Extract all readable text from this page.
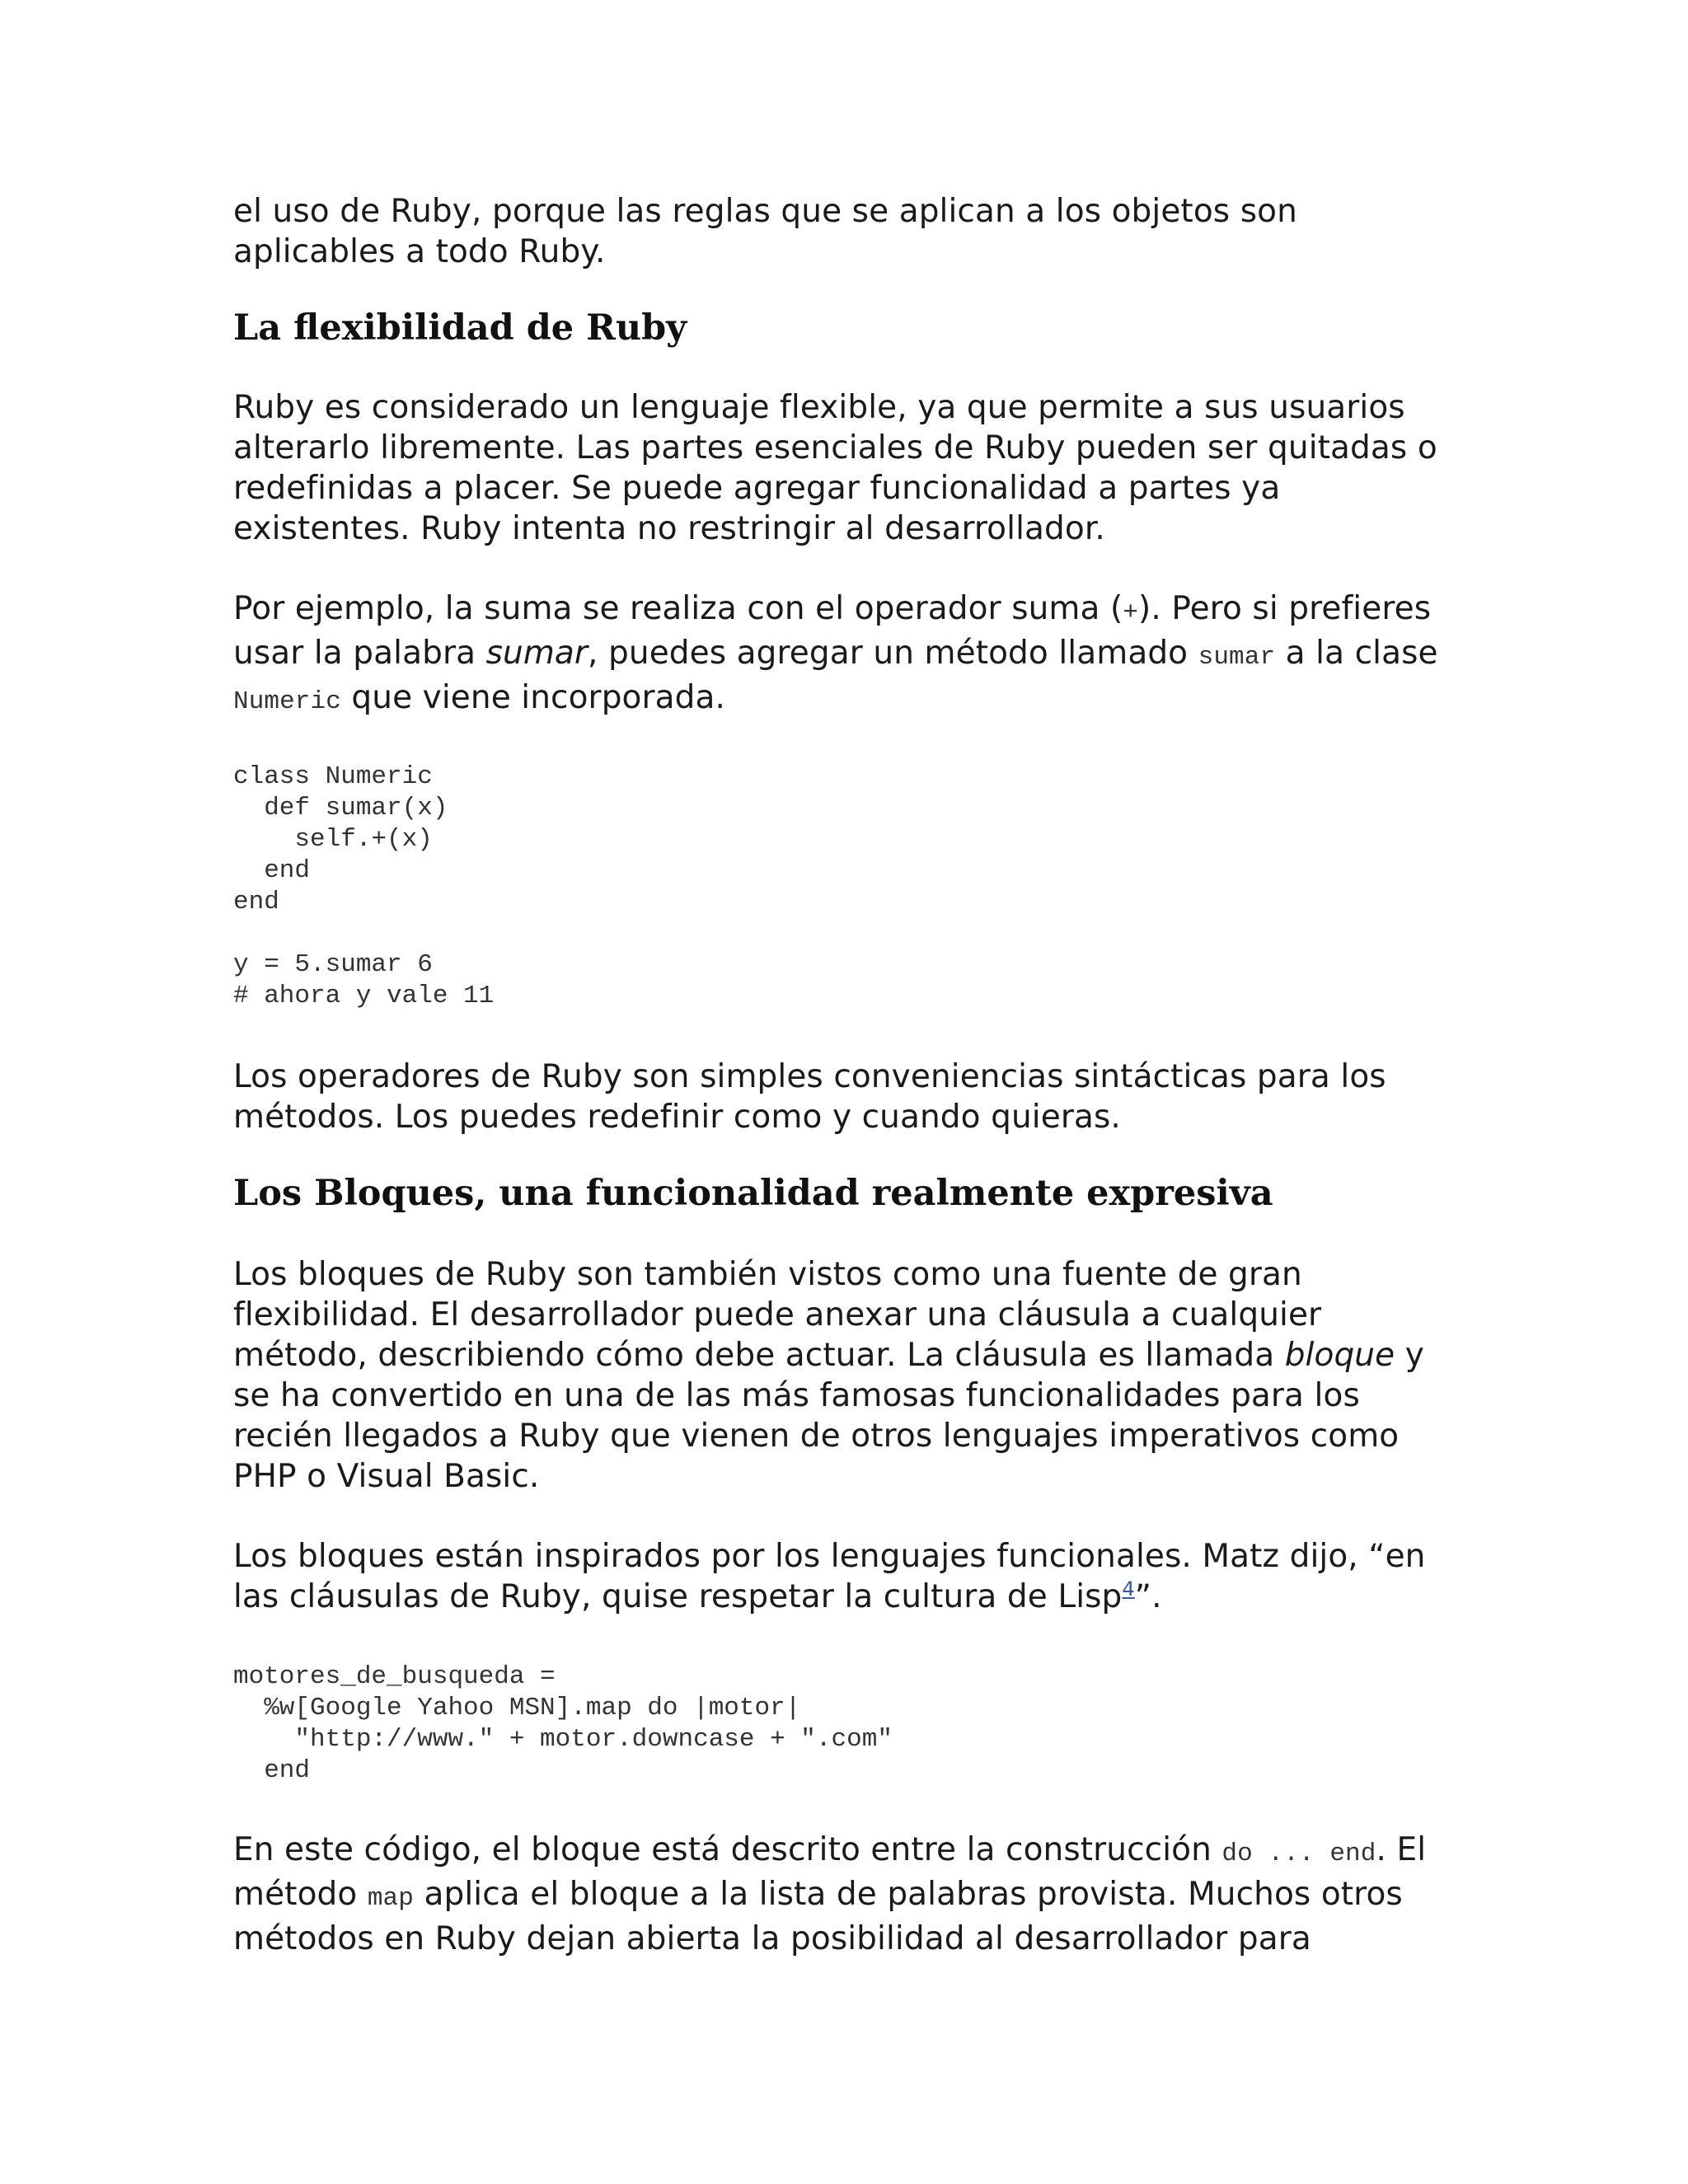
el uso de Ruby, porque las reglas que se aplican a los objetos son aplicables a todo Ruby.

La flexibilidad de Ruby

Ruby es considerado un lenguaje flexible, ya que permite a sus usuarios alterarlo libremente. Las partes esenciales de Ruby pueden ser quitadas o redefinidas a placer. Se puede agregar funcionalidad a partes ya existentes. Ruby intenta no restringir al desarrollador.

Por ejemplo, la suma se realiza con el operador suma (+). Pero si prefieres usar la palabra sumar, puedes agregar un método llamado sumar a la clase Numeric que viene incorporada.

class Numeric
def sumar(x)
self.+(x)
end
end

y = 5.sumar 6
# ahora y vale 11

Los operadores de Ruby son simples conveniencias sintácticas para los métodos. Los puedes redefinir como y cuando quieras.

Los Bloques, una funcionalidad realmente expresiva

Los bloques de Ruby son también vistos como una fuente de gran flexibilidad. El desarrollador puede anexar una cláusula a cualquier método, describiendo cómo debe actuar. La cláusula es llamada bloque y se ha convertido en una de las más famosas funcionalidades para los recién llegados a Ruby que vienen de otros lenguajes imperativos como PHP o Visual Basic.

Los bloques están inspirados por los lenguajes funcionales. Matz dijo, “en las cláusulas de Ruby, quise respetar la cultura de Lisp$^4$”.

motores_de_busqueda =
%w[Google Yahoo MSN].map do |motor|
"http://www." + motor.downcase + ".com"
end

En este código, el bloque está descrito entre la construcción do ... end. El método map aplica el bloque a la lista de palabras provista. Muchos otros métodos en Ruby dejan abierta la posibilidad al desarrollador para
